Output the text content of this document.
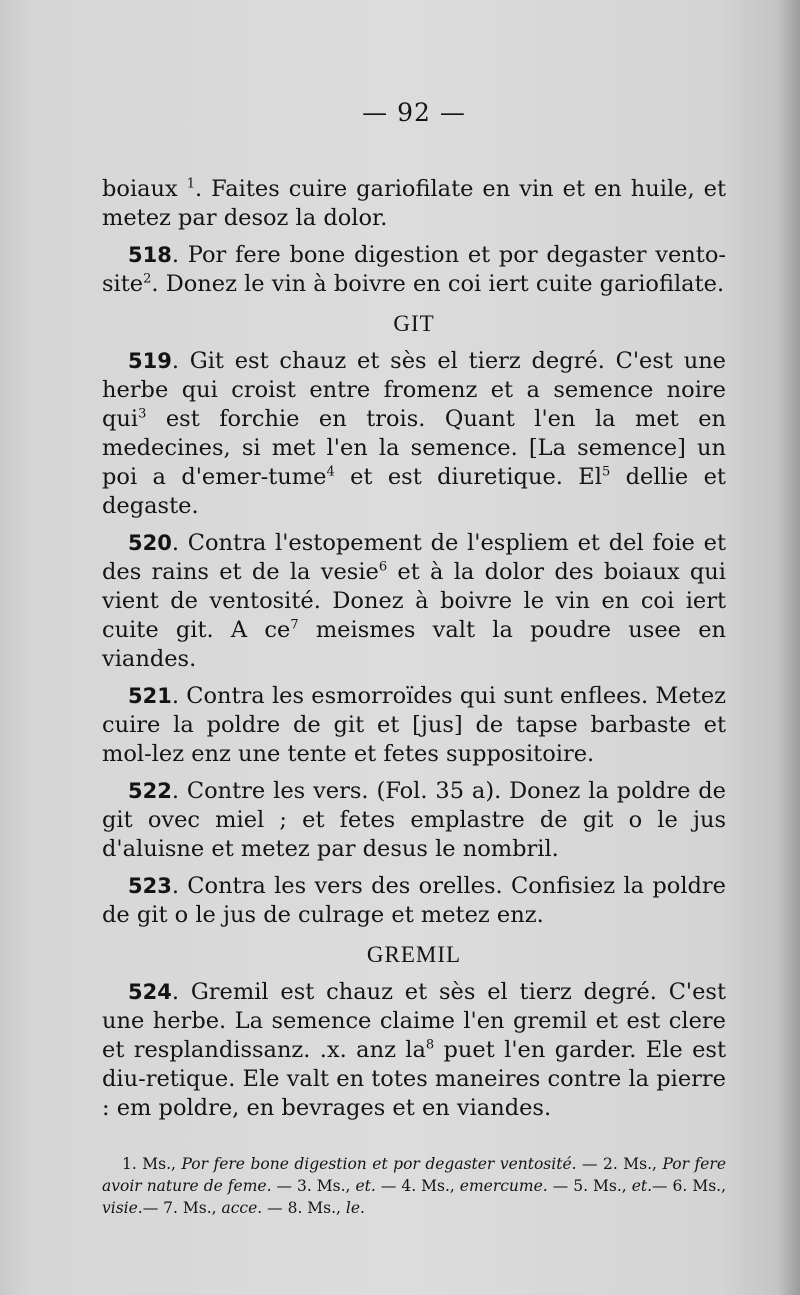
— 92 —

boiaux $^1$. Faites cuire gariofilate en vin et en huile, et metez par desoz la dolor.

518. Por fere bone digestion et por degaster vento-site$^2$. Donez le vin à boivre en coi iert cuite gariofilate.

GIT

519. Git est chauz et sès el tierz degré. C'est une herbe qui croist entre fromenz et a semence noire qui$^3$ est forchie en trois. Quant l'en la met en medecines, si met l'en la semence. [La semence] un poi a d'emer-tume$^4$ et est diuretique. El$^5$ dellie et degaste.

520. Contra l'estopement de l'espliem et del foie et des rains et de la vesie$^6$ et à la dolor des boiaux qui vient de ventosité. Donez à boivre le vin en coi iert cuite git. A ce$^7$ meismes valt la poudre usee en viandes.

521. Contra les esmorroïdes qui sunt enflees. Metez cuire la poldre de git et [jus] de tapse barbaste et mol-lez enz une tente et fetes suppositoire.

522. Contre les vers. (Fol. 35 a). Donez la poldre de git ovec miel ; et fetes emplastre de git o le jus d'aluisne et metez par desus le nombril.

523. Contra les vers des orelles. Confisiez la poldre de git o le jus de culrage et metez enz.

GREMIL

524. Gremil est chauz et sès el tierz degré. C'est une herbe. La semence claime l'en gremil et est clere et resplandissanz. .x. anz la$^8$ puet l'en garder. Ele est diu-retique. Ele valt en totes maneires contre la pierre : em poldre, en bevrages et en viandes.

1. Ms., Por fere bone digestion et por degaster ventosité. — 2. Ms., Por fere avoir nature de feme. — 3. Ms., et. — 4. Ms., emercume. — 5. Ms., et.— 6. Ms., visie.— 7. Ms., acce. — 8. Ms., le.
